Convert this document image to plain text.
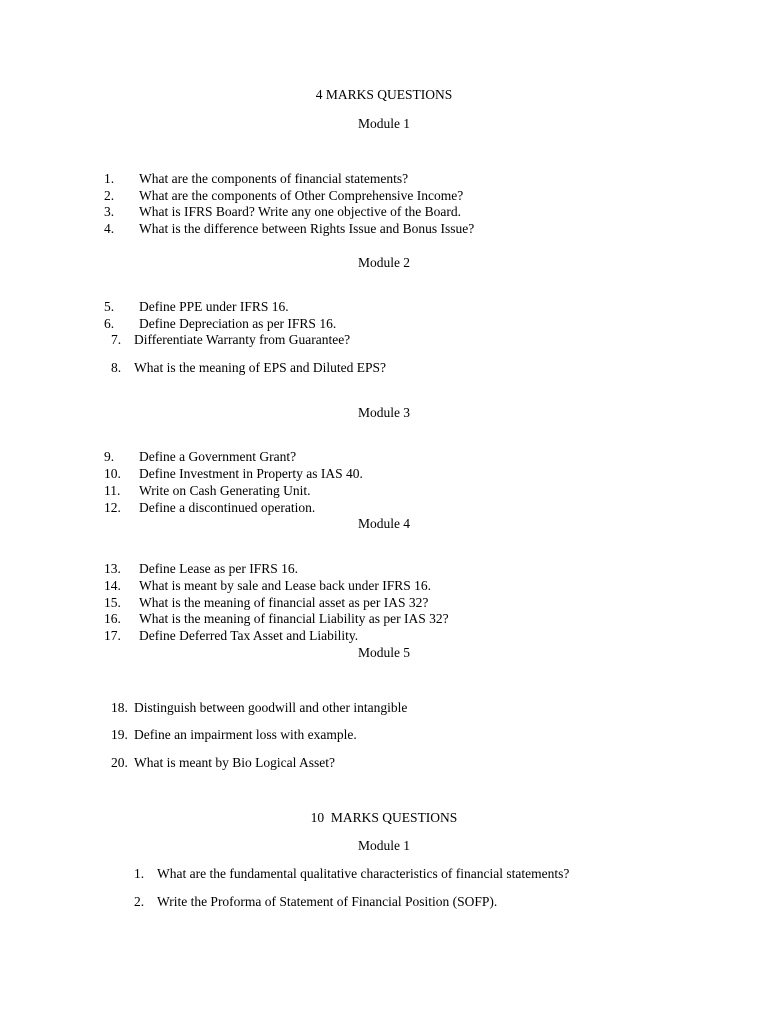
4 MARKS QUESTIONS
Module 1
1. What are the components of financial statements?
2. What are the components of Other Comprehensive Income?
3. What is IFRS Board? Write any one objective of the Board.
4. What is the difference between Rights Issue and Bonus Issue?
Module 2
5. Define PPE under IFRS 16.
6. Define Depreciation as per IFRS 16.
7. Differentiate Warranty from Guarantee?
8. What is the meaning of EPS and Diluted EPS?
Module 3
9. Define a Government Grant?
10. Define Investment in Property as IAS 40.
11. Write on Cash Generating Unit.
12. Define a discontinued operation.
Module 4
13. Define Lease as per IFRS 16.
14. What is meant by sale and Lease back under IFRS 16.
15. What is the meaning of financial asset as per IAS 32?
16. What is the meaning of financial Liability as per IAS 32?
17. Define Deferred Tax Asset and Liability.
Module 5
18. Distinguish between goodwill and other intangible
19. Define an impairment loss with example.
20. What is meant by Bio Logical Asset?
10  MARKS QUESTIONS
Module 1
1. What are the fundamental qualitative characteristics of financial statements?
2. Write the Proforma of Statement of Financial Position (SOFP).
